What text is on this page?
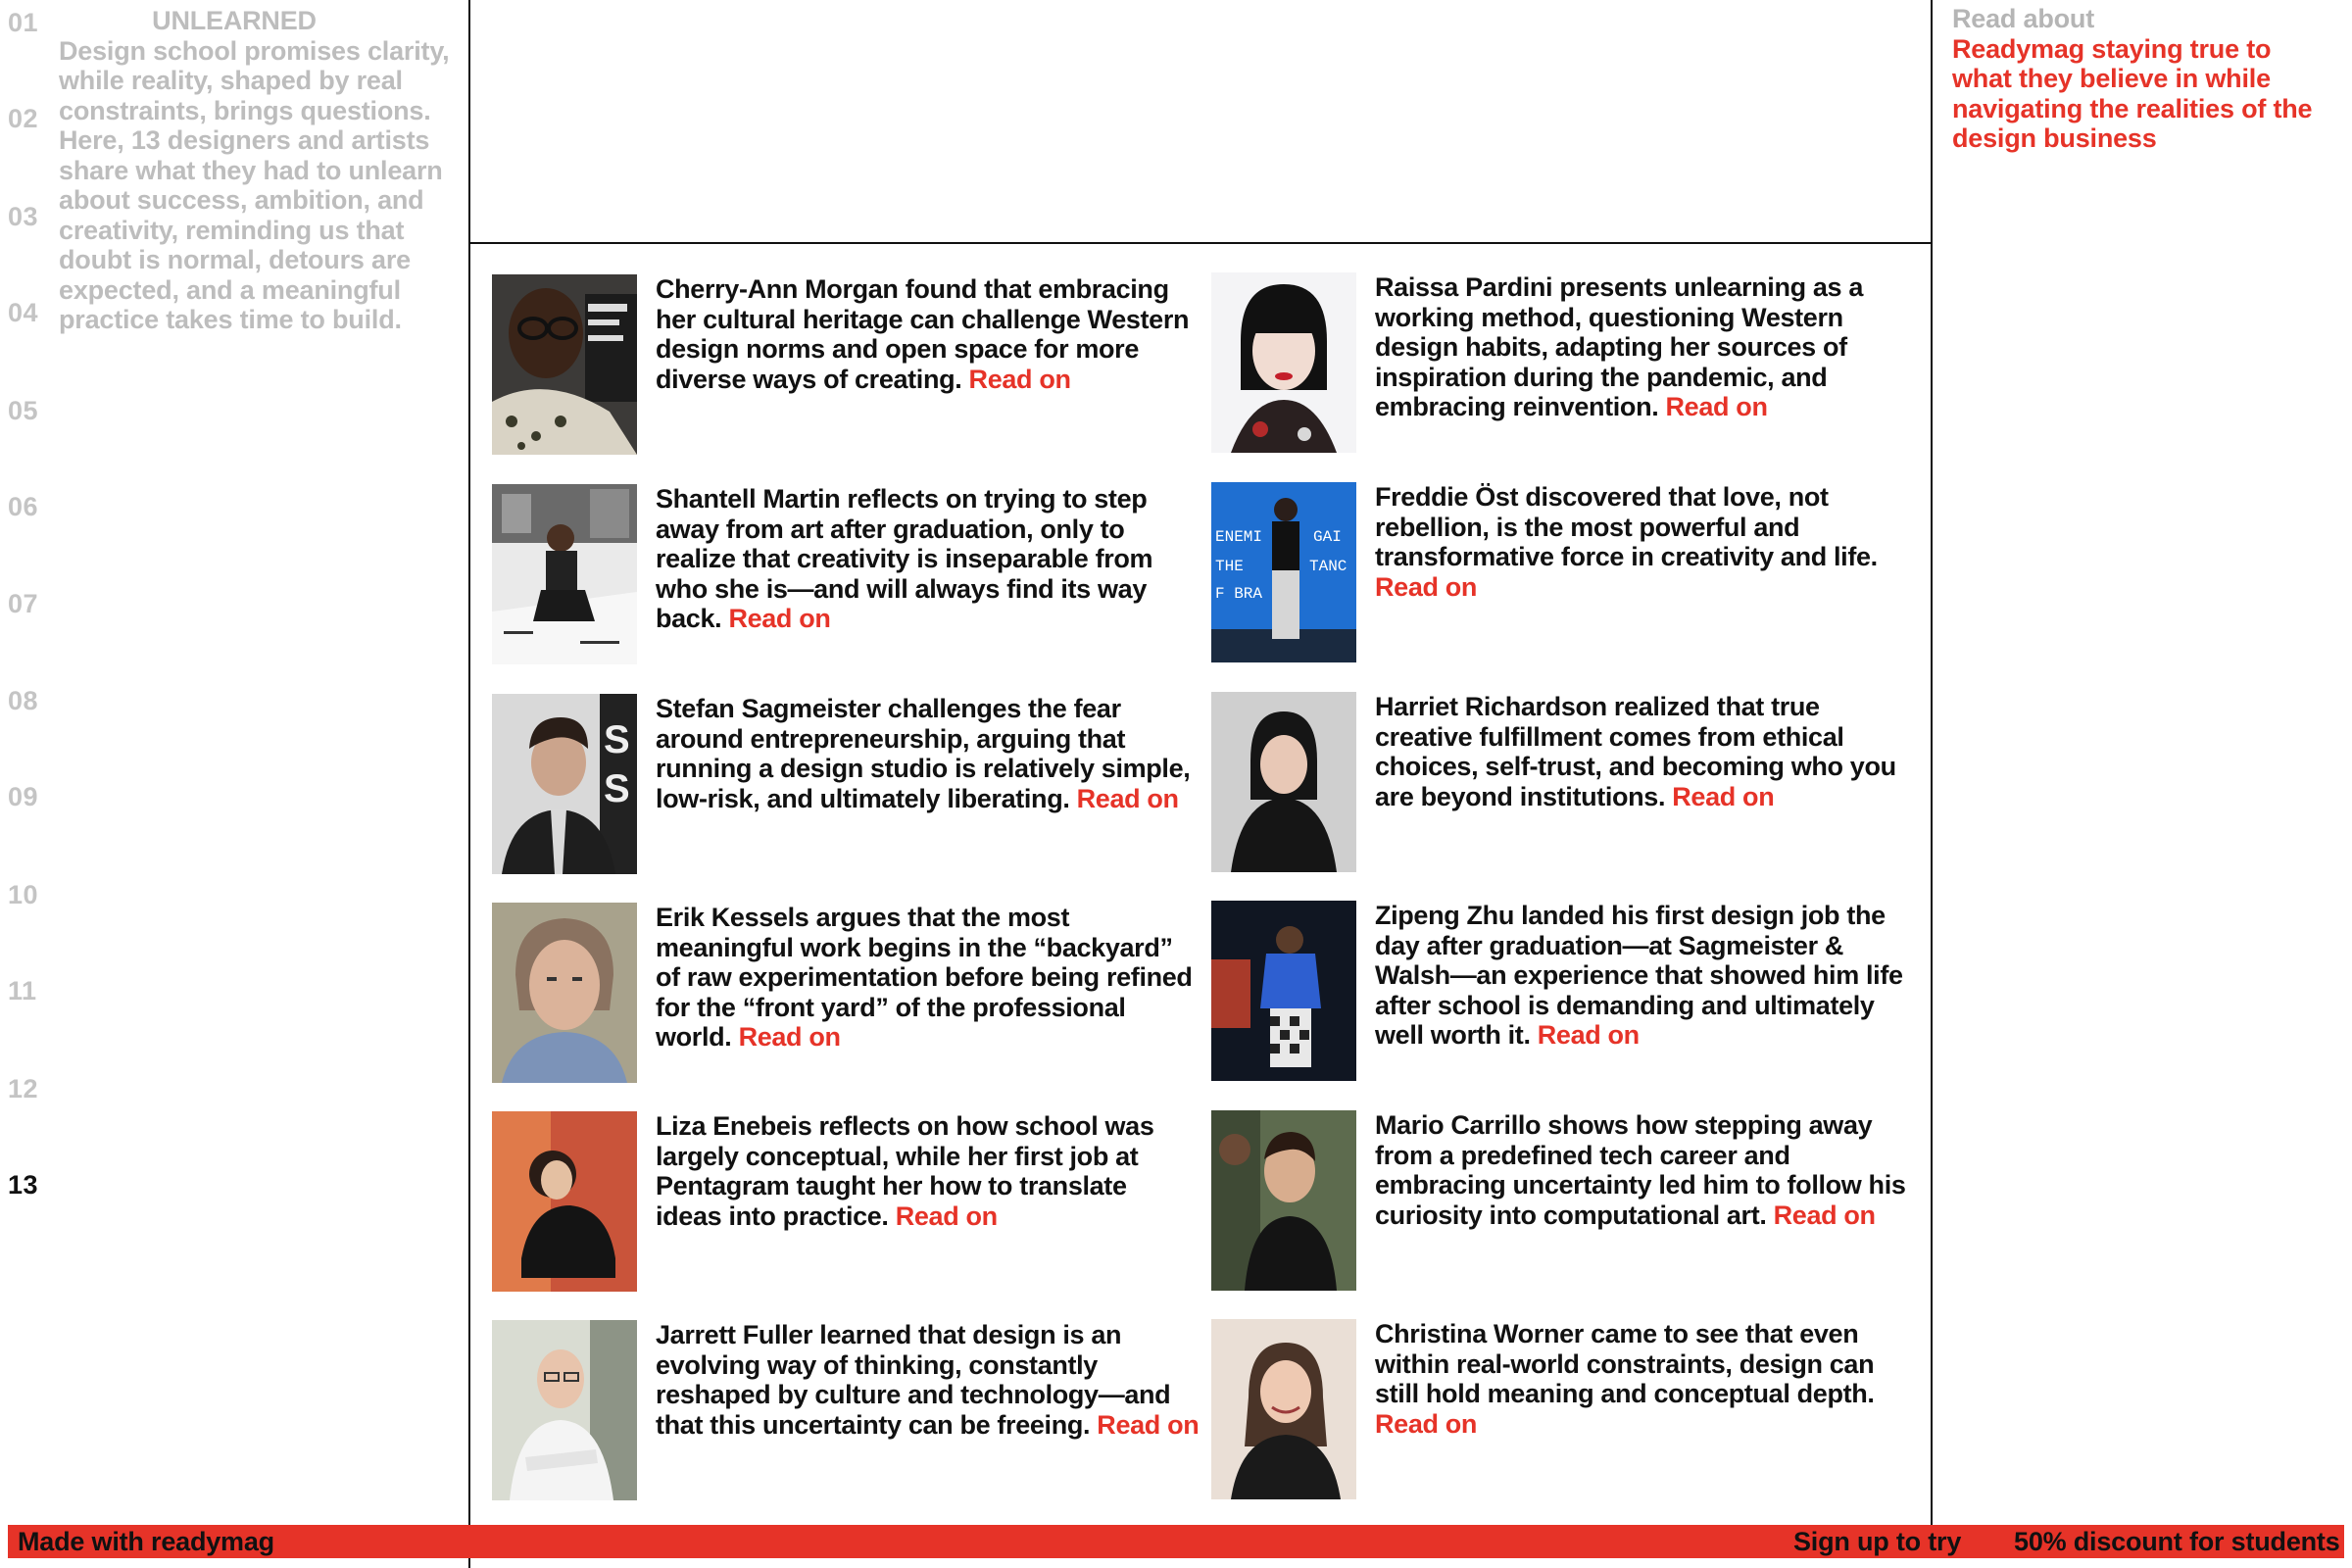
01
02
03
04
05
06
07
08
09
10
11
12
13
UNLEARNED
Design school promises clarity, while reality, shaped by real constraints, brings questions. Here, 13 designers and artists share what they had to unlearn about success, ambition, and creativity, reminding us that doubt is normal, detours are expected, and a meaningful practice takes time to build.
Read about
Readymag staying true to what they believe in while navigating the realities of the design business
Cherry-Ann Morgan found that embracing her cultural heritage can challenge Western design norms and open space for more diverse ways of creating. Read on
Raissa Pardini presents unlearning as a working method, questioning Western design habits, adapting her sources of inspiration during the pandemic, and embracing reinvention. Read on
Shantell Martin reflects on trying to step away from art after graduation, only to realize that creativity is inseparable from who she is—and will always find its way back. Read on
ENEMI
THE
F BRA
GAI
TANC
Freddie Öst discovered that love, not rebellion, is the most powerful and transformative force in creativity and life. Read on
S
S
Stefan Sagmeister challenges the fear around entrepreneurship, arguing that running a design studio is relatively simple, low-risk, and ultimately liberating. Read on
Harriet Richardson realized that true creative fulfillment comes from ethical choices, self-trust, and becoming who you are beyond institutions. Read on
Erik Kessels argues that the most meaningful work begins in the “backyard” of raw experimentation before being refined for the “front yard” of the professional world. Read on
Zipeng Zhu landed his first design job the day after graduation—at Sagmeister & Walsh—an experience that showed him life after school is demanding and ultimately well worth it. Read on
Liza Enebeis reflects on how school was largely conceptual, while her first job at Pentagram taught her how to translate ideas into practice. Read on
Mario Carrillo shows how stepping away from a predefined tech career and embracing uncertainty led him to follow his curiosity into computational art. Read on
Jarrett Fuller learned that design is an evolving way of thinking, constantly reshaped by culture and technology—and that this uncertainty can be freeing. Read on
Christina Worner came to see that even within real-world constraints, design can still hold meaning and conceptual depth. Read on
Made with readymag	Sign up to try 50% discount for students
